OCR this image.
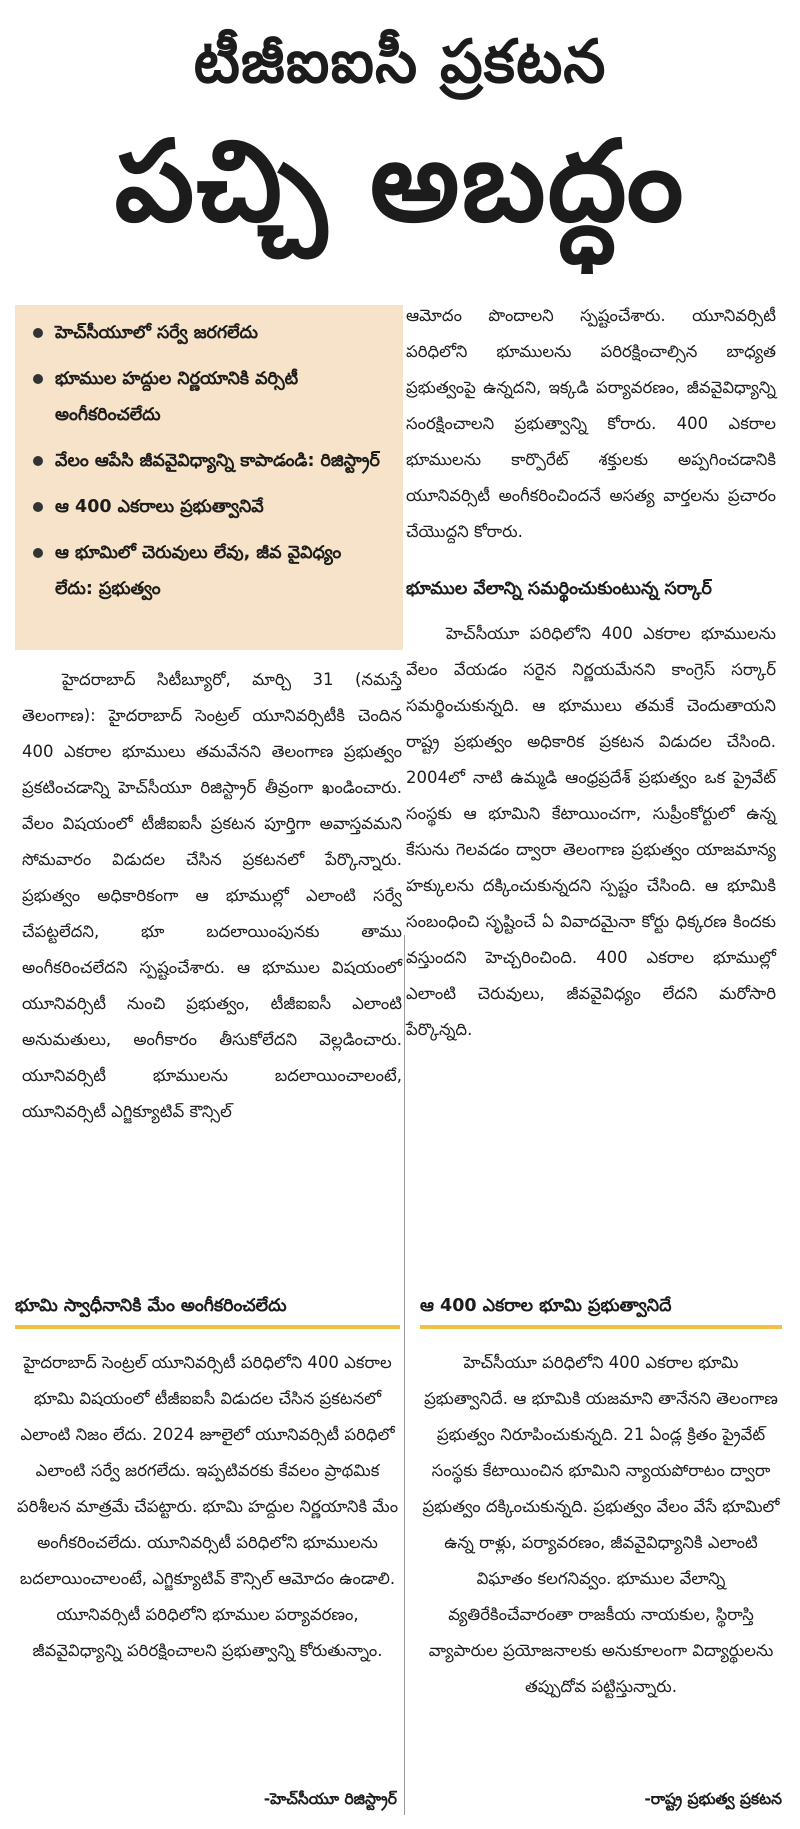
టీజీఐఐసీ ప్రకటన
పచ్చి అబద్ధం
హెచ్‌సీయూలో సర్వే జరగలేదు
భూముల హద్దుల నిర్ణయానికి వర్సిటీ అంగీకరించలేదు
వేలం ఆపేసి జీవవైవిధ్యాన్ని కాపాడండి: రిజిస్ట్రార్
ఆ 400 ఎకరాలు ప్రభుత్వానివే
ఆ భూమిలో చెరువులు లేవు, జీవ వైవిధ్యం లేదు: ప్రభుత్వం

హైదరాబాద్ సిటీబ్యూరో, మార్చి 31 (నమస్తే తెలంగాణ): హైదరాబాద్ సెంట్రల్ యూనివర్సిటీకి చెందిన 400 ఎకరాల భూములు తమవేనని తెలంగాణ ప్రభుత్వం ప్రకటించడాన్ని హెచ్‌సీయూ రిజిస్ట్రార్ తీవ్రంగా ఖండించారు. వేలం విషయంలో టీజీఐఐసీ ప్రకటన పూర్తిగా అవాస్తవమని సోమవారం విడుదల చేసిన ప్రకటనలో పేర్కొన్నారు. ప్రభుత్వం అధికారికంగా ఆ భూముల్లో ఎలాంటి సర్వే చేపట్టలేదని, భూ బదలాయింపునకు తాము అంగీకరించలేదని స్పష్టంచేశారు. ఆ భూముల విషయంలో యూనివర్సిటీ నుంచి ప్రభుత్వం, టీజీఐఐసీ ఎలాంటి అనుమతులు, అంగీకారం తీసుకోలేదని వెల్లడించారు. యూనివర్సిటీ భూములను బదలాయించాలంటే, యూనివర్సిటీ ఎగ్జిక్యూటివ్ కౌన్సిల్

ఆమోదం పొందాలని స్పష్టంచేశారు. యూనివర్సిటీ పరిధిలోని భూములను పరిరక్షించాల్సిన బాధ్యత ప్రభుత్వంపై ఉన్నదని, ఇక్కడి పర్యావరణం, జీవవైవిధ్యాన్ని సంరక్షించాలని ప్రభుత్వాన్ని కోరారు. 400 ఎకరాల భూములను కార్పొరేట్ శక్తులకు అప్పగించడానికి యూనివర్సిటీ అంగీకరించిందనే అసత్య వార్తలను ప్రచారం చేయొద్దని కోరారు.

భూముల వేలాన్ని సమర్థించుకుంటున్న సర్కార్

హెచ్‌సీయూ పరిధిలోని 400 ఎకరాల భూములను వేలం వేయడం సరైన నిర్ణయమేనని కాంగ్రెస్ సర్కార్ సమర్థించుకున్నది. ఆ భూములు తమకే చెందుతాయని రాష్ట్ర ప్రభుత్వం అధికారిక ప్రకటన విడుదల చేసింది. 2004లో నాటి ఉమ్మడి ఆంధ్రప్రదేశ్ ప్రభుత్వం ఒక ప్రైవేట్ సంస్థకు ఆ భూమిని కేటాయించగా, సుప్రీంకోర్టులో ఉన్న కేసును గెలవడం ద్వారా తెలంగాణ ప్రభుత్వం యాజమాన్య హక్కులను దక్కించుకున్నదని స్పష్టం చేసింది. ఆ భూమికి సంబంధించి సృష్టించే ఏ వివాదమైనా కోర్టు ధిక్కరణ కిందకు వస్తుందని హెచ్చరించింది. 400 ఎకరాల భూముల్లో ఎలాంటి చెరువులు, జీవవైవిధ్యం లేదని మరోసారి పేర్కొన్నది.

భూమి స్వాధీనానికి మేం అంగీకరించలేదు
హైదరాబాద్ సెంట్రల్ యూనివర్సిటీ పరిధిలోని 400 ఎకరాల భూమి విషయంలో టీజీఐఐసీ విడుదల చేసిన ప్రకటనలో ఎలాంటి నిజం లేదు. 2024 జూలైలో యూనివర్సిటీ పరిధిలో ఎలాంటి సర్వే జరగలేదు. ఇప్పటివరకు కేవలం ప్రాథమిక పరిశీలన మాత్రమే చేపట్టారు. భూమి హద్దుల నిర్ణయానికి మేం అంగీకరించలేదు. యూనివర్సిటీ పరిధిలోని భూములను బదలాయించాలంటే, ఎగ్జిక్యూటివ్ కౌన్సిల్ ఆమోదం ఉండాలి. యూనివర్సిటీ పరిధిలోని భూముల పర్యావరణం, జీవవైవిధ్యాన్ని పరిరక్షించాలని ప్రభుత్వాన్ని కోరుతున్నాం.
-హెచ్‌సీయూ రిజిస్ట్రార్
ఆ 400 ఎకరాల భూమి ప్రభుత్వానిదే
హెచ్‌సీయూ పరిధిలోని 400 ఎకరాల భూమి ప్రభుత్వానిదే. ఆ భూమికి యజమాని తానేనని తెలంగాణ ప్రభుత్వం నిరూపించుకున్నది. 21 ఏండ్ల క్రితం ప్రైవేట్ సంస్థకు కేటాయించిన భూమిని న్యాయపోరాటం ద్వారా ప్రభుత్వం దక్కించుకున్నది. ప్రభుత్వం వేలం వేసే భూమిలో ఉన్న రాళ్లు, పర్యావరణం, జీవవైవిధ్యానికి ఎలాంటి విఘాతం కలగనివ్వం. భూముల వేలాన్ని వ్యతిరేకించేవారంతా రాజకీయ నాయకుల, స్థిరాస్తి వ్యాపారుల ప్రయోజనాలకు అనుకూలంగా విద్యార్థులను తప్పుదోవ పట్టిస్తున్నారు.
-రాష్ట్ర ప్రభుత్వ ప్రకటన
